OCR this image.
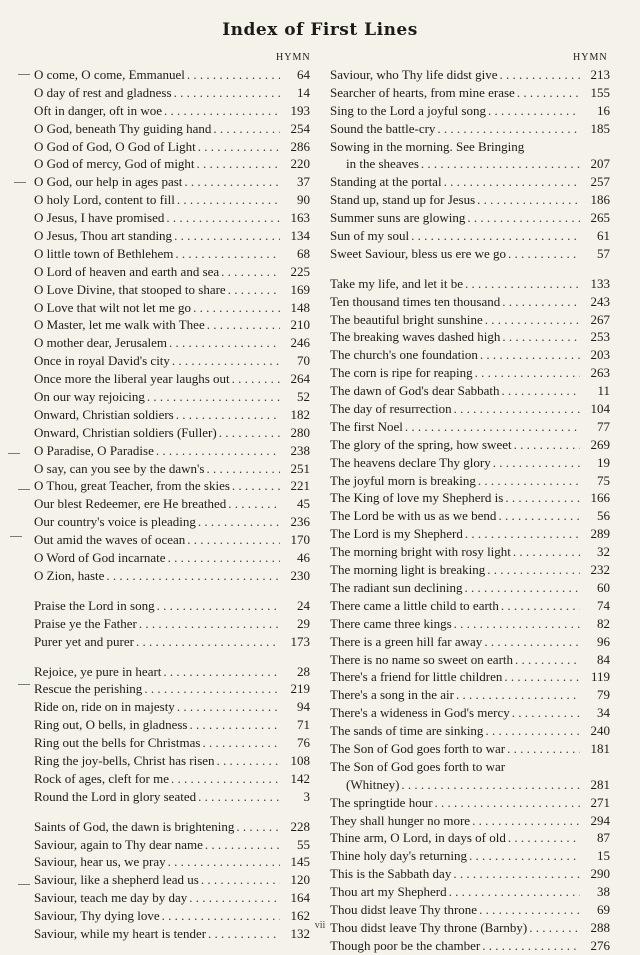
Index of First Lines
HYMN	HYMN
O come, O come, Emmanuel . . .	64
O day of rest and gladness . . .	14
Oft in danger, oft in woe . . .	193
O God, beneath Thy guiding hand . . .	254
O God of God, O God of Light . . .	286
O God of mercy, God of might . . .	220
O God, our help in ages past . . .	37
O holy Lord, content to fill . . .	90
O Jesus, I have promised . . .	163
O Jesus, Thou art standing . . .	134
O little town of Bethlehem . . .	68
O Lord of heaven and earth and sea . . .	225
O Love Divine, that stooped to share . . .	169
O Love that wilt not let me go . . .	148
O Master, let me walk with Thee . . .	210
O mother dear, Jerusalem . . .	246
Once in royal David's city . . .	70
Once more the liberal year laughs out . . .	264
On our way rejoicing . . .	52
Onward, Christian soldiers . . .	182
Onward, Christian soldiers (Fuller) . . .	280
O Paradise, O Paradise . . .	238
O say, can you see by the dawn's . . .	251
O Thou, great Teacher, from the skies . . .	221
Our blest Redeemer, ere He breathed . . .	45
Our country's voice is pleading . . .	236
Out amid the waves of ocean . . .	170
O Word of God incarnate . . .	46
O Zion, haste . . .	230
Praise the Lord in song . . .	24
Praise ye the Father . . .	29
Purer yet and purer . . .	173
Rejoice, ye pure in heart . . .	28
Rescue the perishing . . .	219
Ride on, ride on in majesty . . .	94
Ring out, O bells, in gladness . . .	71
Ring out the bells for Christmas . . .	76
Ring the joy-bells, Christ has risen . . .	108
Rock of ages, cleft for me . . .	142
Round the Lord in glory seated . . .	3
Saints of God, the dawn is brightening . . .	228
Saviour, again to Thy dear name . . .	55
Saviour, hear us, we pray . . .	145
Saviour, like a shepherd lead us . . .	120
Saviour, teach me day by day . . .	164
Saviour, Thy dying love . . .	162
Saviour, while my heart is tender . . .	132
Saviour, who Thy life didst give . . .	213
Searcher of hearts, from mine erase . . .	155
Sing to the Lord a joyful song . . .	16
Sound the battle-cry . . .	185
Sowing in the morning. See Bringing
in the sheaves . . .	207
Standing at the portal . . .	257
Stand up, stand up for Jesus . . .	186
Summer suns are glowing . . .	265
Sun of my soul . . .	61
Sweet Saviour, bless us ere we go . . .	57
Take my life, and let it be . . .	133
Ten thousand times ten thousand . . .	243
The beautiful bright sunshine . . .	267
The breaking waves dashed high . . .	253
The church's one foundation . . .	203
The corn is ripe for reaping . . .	263
The dawn of God's dear Sabbath . . .	11
The day of resurrection . . .	104
The first Noel . . .	77
The glory of the spring, how sweet . . .	269
The heavens declare Thy glory . . .	19
The joyful morn is breaking . . .	75
The King of love my Shepherd is . . .	166
The Lord be with us as we bend . . .	56
The Lord is my Shepherd . . .	289
The morning bright with rosy light . . .	32
The morning light is breaking . . .	232
The radiant sun declining . . .	60
There came a little child to earth . . .	74
There came three kings . . .	82
There is a green hill far away . . .	96
There is no name so sweet on earth . . .	84
There's a friend for little children . . .	119
There's a song in the air . . .	79
There's a wideness in God's mercy . . .	34
The sands of time are sinking . . .	240
The Son of God goes forth to war . . .	181
The Son of God goes forth to war
(Whitney) . . .	281
The springtide hour . . .	271
They shall hunger no more . . .	294
Thine arm, O Lord, in days of old . . .	87
Thine holy day's returning . . .	15
This is the Sabbath day . . .	290
Thou art my Shepherd . . .	38
Thou didst leave Thy throne . . .	69
Thou didst leave Thy throne (Barnby) . . .	288
Though poor be the chamber . . .	276
vii
